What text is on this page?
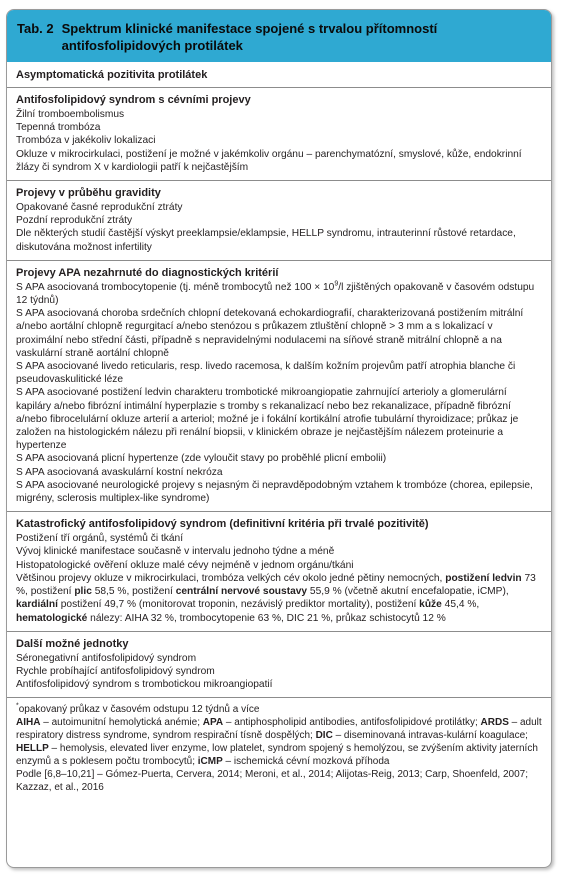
Tab. 2 Spektrum klinické manifestace spojené s trvalou přítomností antifosfolipidových protilátek
Asymptomatická pozitivita protilátek
Antifosfolipidový syndrom s cévními projevy

Žilní tromboembolismus

Tepenná trombóza

Trombóza v jakékoliv lokalizaci

Okluze v mikrocirkulaci, postižení je možné v jakémkoliv orgánu – parenchymatózní, smyslové, kůže, endokrinní žlázy či syndrom X v kardiologii patří k nejčastějším

Projevy v průběhu gravidity

Opakované časné reprodukční ztráty

Pozdní reprodukční ztráty

Dle některých studií častější výskyt preeklampsie/eklampsie, HELLP syndromu, intrauterinní růstové retardace, diskutována možnost infertility

Projevy APA nezahrnuté do diagnostických kritérií

S APA asociovaná trombocytopenie (tj. méně trombocytů než $100 \times 10^9/l$ zjištěných opakovaně v časovém odstupu 12 týdnů)

S APA asociovaná choroba srdečních chlopní detekovaná echokardiografií, charakterizovaná postižením mitrální a/nebo aortální chlopně regurgitací a/nebo stenózou s průkazem ztluštění chlopně > 3 mm a s lokalizací v proximální nebo střední části, případně s nepravidelnými nodulacemi na síňové straně mitrální chlopně a na vaskulární straně aortální chlopně

S APA asociované livedo reticularis, resp. livedo racemosa, k dalším kožním projevům patří atrophia blanche či pseudovaskulitické léze

S APA asociované postižení ledvin charakteru trombotické mikroangiopatie zahrnující arterioly a glomerulární kapiláry a/nebo fibrózní intimální hyperplazie s tromby s rekanalizací nebo bez rekanalizace, případně fibrózní a/nebo fibrocelulární okluze arterií a arteriol; možné je i fokální kortikální atrofie tubulární thyroidizace; průkaz je založen na histologickém nálezu při renální biopsii, v klinickém obraze je nejčastějším nálezem proteinurie a hypertenze

S APA asociovaná plicní hypertenze (zde vyloučit stavy po proběhlé plicní embolii)

S APA asociovaná avaskulární kostní nekróza

S APA asociované neurologické projevy s nejasným či nepravděpodobným vztahem k trombóze (chorea, epilepsie, migrény, sclerosis multiplex-like syndrome)

Katastrofický antifosfolipidový syndrom (definitivní kritéria při trvalé pozitivitě)

Postižení tří orgánů, systémů či tkání

Vývoj klinické manifestace současně v intervalu jednoho týdne a méně

Histopatologické ověření okluze malé cévy nejméně v jednom orgánu/tkáni

Většinou projevy okluze v mikrocirkulaci, trombóza velkých cév okolo jedné pětiny nemocných, postižení ledvin 73 %, postižení plic 58,5 %, postižení centrální nervové soustavy 55,9 % (včetně akutní encefalopatie, iCMP), kardiální postižení 49,7 % (monitorovat troponin, nezávislý prediktor mortality), postižení kůže 45,4 %, hematologické nálezy: AIHA 32 %, trombocytopenie 63 %, DIC 21 %, průkaz schistocytů 12 %

Další možné jednotky

Séronegativní antifosfolipidový syndrom

Rychle probíhající antifosfolipidový syndrom

Antifosfolipidový syndrom s trombotickou mikroangiopatií

*opakovaný průkaz v časovém odstupu 12 týdnů a více

AIHA – autoimunitní hemolytická anémie; APA – antiphospholipid antibodies, antifosfolipidové protilátky; ARDS – adult respiratory distress syndrome, syndrom respirační tísně dospělých; DIC – diseminovaná intravas-kulární koagulace; HELLP – hemolysis, elevated liver enzyme, low platelet, syndrom spojený s hemolýzou, se zvýšením aktivity jaterních enzymů a s poklesem počtu trombocytů; iCMP – ischemická cévní mozková příhoda

Podle [6,8–10,21] – Gómez-Puerta, Cervera, 2014; Meroni, et al., 2014; Alijotas-Reig, 2013; Carp, Shoenfeld, 2007; Kazzaz, et al., 2016
